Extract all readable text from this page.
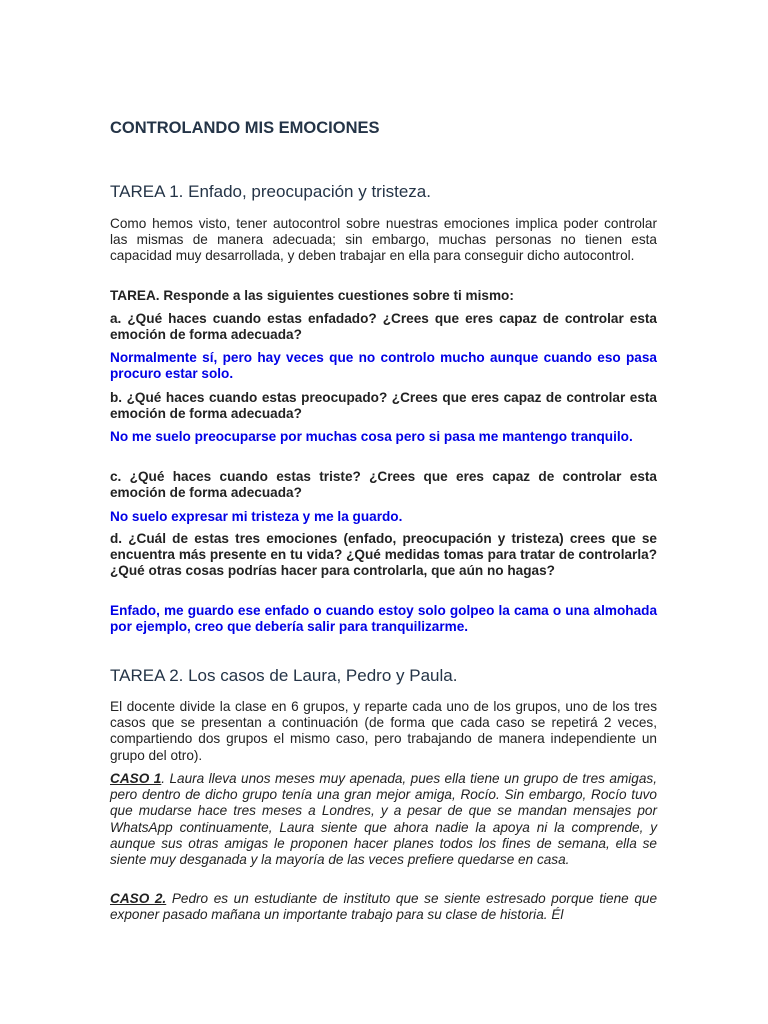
CONTROLANDO MIS EMOCIONES
TAREA 1. Enfado, preocupación y tristeza.
Como hemos visto, tener autocontrol sobre nuestras emociones implica poder controlar las mismas de manera adecuada; sin embargo, muchas personas no tienen esta capacidad muy desarrollada, y deben trabajar en ella para conseguir dicho autocontrol.
TAREA. Responde a las siguientes cuestiones sobre ti mismo:
a. ¿Qué haces cuando estas enfadado? ¿Crees que eres capaz de controlar esta emoción de forma adecuada?
Normalmente sí, pero hay veces que no controlo mucho aunque cuando eso pasa procuro estar solo.
b. ¿Qué haces cuando estas preocupado? ¿Crees que eres capaz de controlar esta emoción de forma adecuada?
No me suelo preocuparse por muchas cosa pero si pasa me mantengo tranquilo.
c. ¿Qué haces cuando estas triste? ¿Crees que eres capaz de controlar esta emoción de forma adecuada?
No suelo expresar mi tristeza y me la guardo.
d. ¿Cuál de estas tres emociones (enfado, preocupación y tristeza) crees que se encuentra más presente en tu vida? ¿Qué medidas tomas para tratar de controlarla? ¿Qué otras cosas podrías hacer para controlarla, que aún no hagas?
Enfado, me guardo ese enfado o cuando estoy solo golpeo la cama o una almohada por ejemplo, creo que debería salir para tranquilizarme.
TAREA 2. Los casos de Laura, Pedro y Paula.
El docente divide la clase en 6 grupos, y reparte cada uno de los grupos, uno de los tres casos que se presentan a continuación (de forma que cada caso se repetirá 2 veces, compartiendo dos grupos el mismo caso, pero trabajando de manera independiente un grupo del otro).
CASO 1. Laura lleva unos meses muy apenada, pues ella tiene un grupo de tres amigas, pero dentro de dicho grupo tenía una gran mejor amiga, Rocío. Sin embargo, Rocío tuvo que mudarse hace tres meses a Londres, y a pesar de que se mandan mensajes por WhatsApp continuamente, Laura siente que ahora nadie la apoya ni la comprende, y aunque sus otras amigas le proponen hacer planes todos los fines de semana, ella se siente muy desganada y la mayoría de las veces prefiere quedarse en casa.
CASO 2. Pedro es un estudiante de instituto que se siente estresado porque tiene que exponer pasado mañana un importante trabajo para su clase de historia. Él
